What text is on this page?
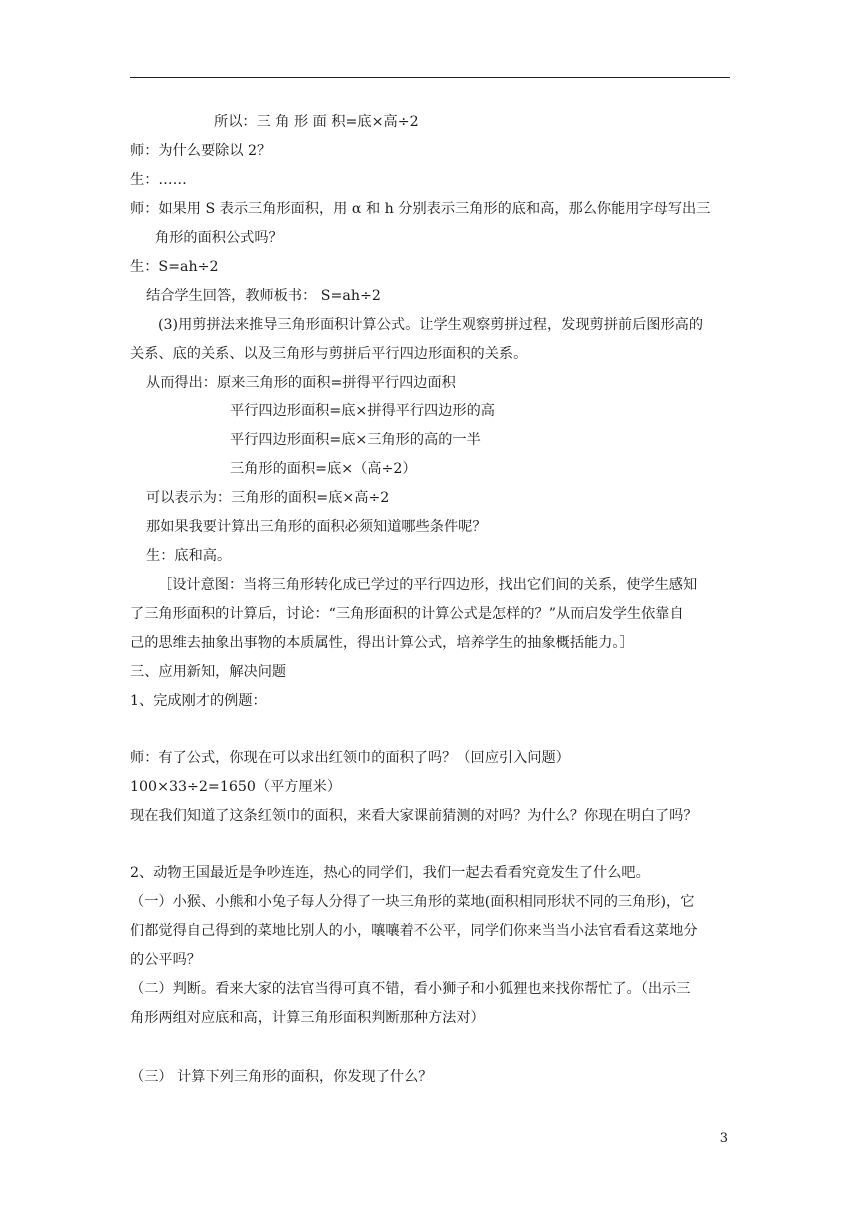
所以：三 角 形 面 积=底×高÷2
师：为什么要除以 2？
生：……
师：如果用 S 表示三角形面积，用 α 和 h 分别表示三角形的底和高，那么你能用字母写出三
角形的面积公式吗？
生：S=ah÷2
结合学生回答，教师板书： S=ah÷2
(3)用剪拼法来推导三角形面积计算公式。让学生观察剪拼过程，发现剪拼前后图形高的
关系、底的关系、以及三角形与剪拼后平行四边形面积的关系。
从而得出：原来三角形的面积=拼得平行四边面积
平行四边形面积=底×拼得平行四边形的高
平行四边形面积=底×三角形的高的一半
三角形的面积=底×（高÷2）
可以表示为：三角形的面积=底×高÷2
那如果我要计算出三角形的面积必须知道哪些条件呢？
生：底和高。
［设计意图：当将三角形转化成已学过的平行四边形，找出它们间的关系，使学生感知
了三角形面积的计算后，讨论：“三角形面积的计算公式是怎样的？”从而启发学生依靠自
己的思维去抽象出事物的本质属性，得出计算公式，培养学生的抽象概括能力。］
三、应用新知，解决问题
1、完成刚才的例题：
师：有了公式，你现在可以求出红领巾的面积了吗？（回应引入问题）
100×33÷2=1650（平方厘米）
现在我们知道了这条红领巾的面积，来看大家课前猜测的对吗？为什么？你现在明白了吗？
2、动物王国最近是争吵连连，热心的同学们，我们一起去看看究竟发生了什么吧。
（一）小猴、小熊和小兔子每人分得了一块三角形的菜地(面积相同形状不同的三角形)，它
们都觉得自己得到的菜地比别人的小，嚷嚷着不公平，同学们你来当当小法官看看这菜地分
的公平吗？
（二）判断。看来大家的法官当得可真不错，看小狮子和小狐狸也来找你帮忙了。（出示三
角形两组对应底和高，计算三角形面积判断那种方法对）
（三） 计算下列三角形的面积，你发现了什么？
3
